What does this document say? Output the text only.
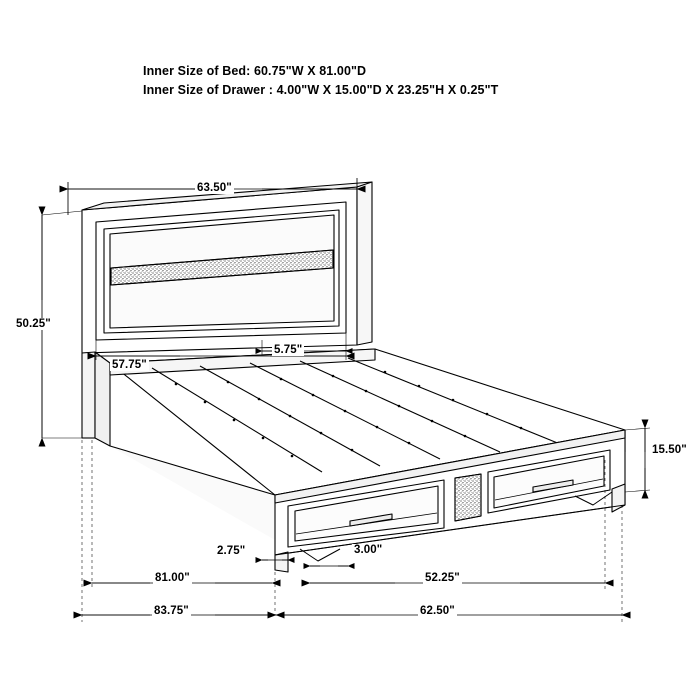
Inner Size of Bed: 60.75"W X 81.00"D
Inner Size of Drawer : 4.00"W X 15.00"D X 23.25"H X 0.25"T
63.50"
50.25"
57.75"
5.75"
15.50"
2.75"	3.00"
81.00"	52.25"
83.75"	62.50"
